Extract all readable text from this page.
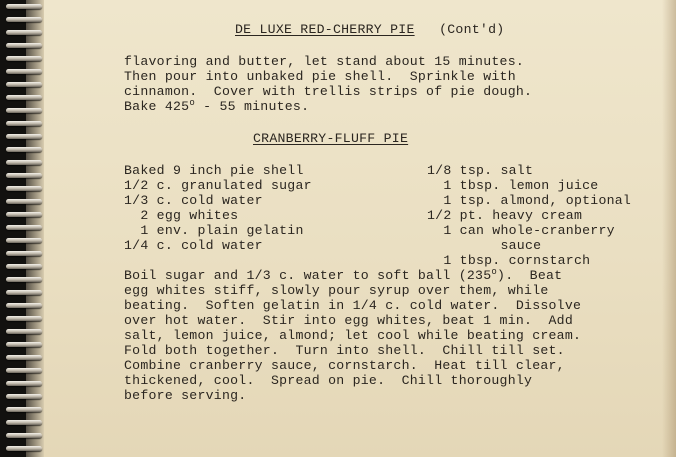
DE LUXE RED-CHERRY PIE (Cont'd)
flavoring and butter, let stand about 15 minutes.
Then pour into unbaked pie shell.  Sprinkle with
cinnamon.  Cover with trellis strips of pie dough.
Bake 425$^o$ - 55 minutes.
CRANBERRY-FLUFF PIE
Baked 9 inch pie shell
1/2 c. granulated sugar
1/3 c. cold water
2 egg whites
1 env. plain gelatin
1/4 c. cold water
1/8 tsp. salt
1 tbsp. lemon juice
1 tsp. almond, optional
1/2 pt. heavy cream
1 can whole-cranberry
sauce
1 tbsp. cornstarch
Boil sugar and 1/3 c. water to soft ball (235$^o$).  Beat
egg whites stiff, slowly pour syrup over them, while
beating.  Soften gelatin in 1/4 c. cold water.  Dissolve
over hot water.  Stir into egg whites, beat 1 min.  Add
salt, lemon juice, almond; let cool while beating cream.
Fold both together.  Turn into shell.  Chill till set.
Combine cranberry sauce, cornstarch.  Heat till clear,
thickened, cool.  Spread on pie.  Chill thoroughly
before serving.
